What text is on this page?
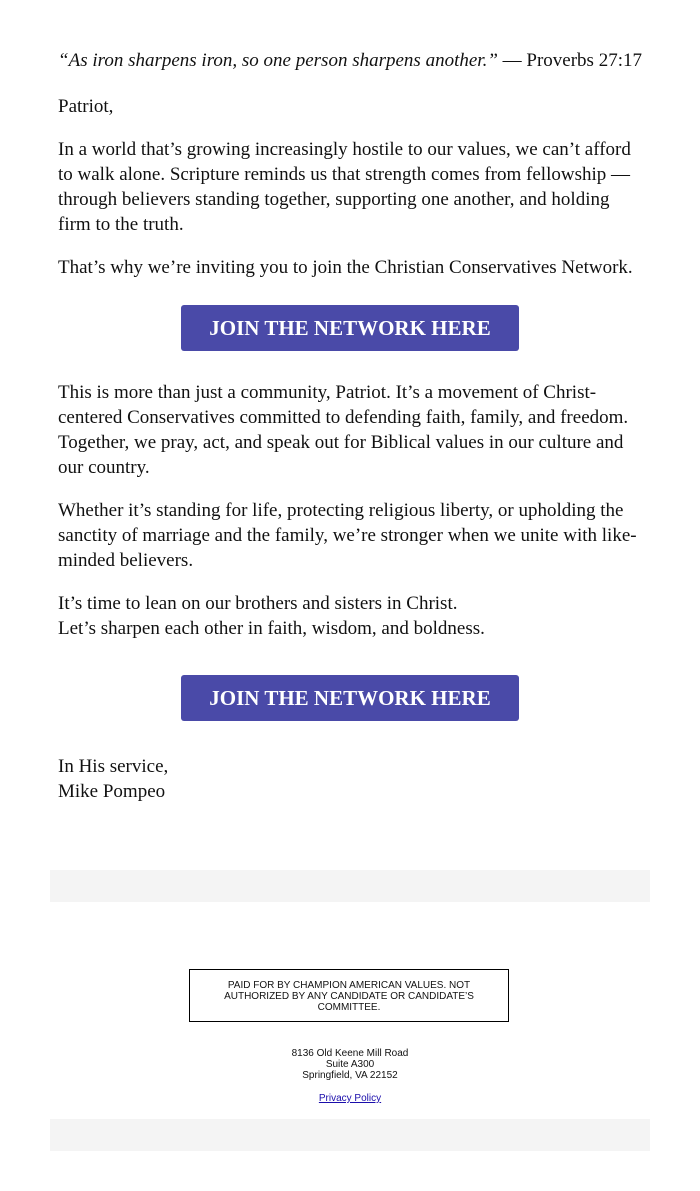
“As iron sharpens iron, so one person sharpens another.” — Proverbs 27:17

Patriot,

In a world that’s growing increasingly hostile to our values, we can’t afford to walk alone. Scripture reminds us that strength comes from fellowship — through believers standing together, supporting one another, and holding firm to the truth.

That’s why we’re inviting you to join the Christian Conservatives Network.

JOIN THE NETWORK HERE

This is more than just a community, Patriot. It’s a movement of Christ-centered Conservatives committed to defending faith, family, and freedom. Together, we pray, act, and speak out for Biblical values in our culture and our country.

Whether it’s standing for life, protecting religious liberty, or upholding the sanctity of marriage and the family, we’re stronger when we unite with like-minded believers.

It’s time to lean on our brothers and sisters in Christ.
Let’s sharpen each other in faith, wisdom, and boldness.

JOIN THE NETWORK HERE

In His service,
Mike Pompeo

PAID FOR BY CHAMPION AMERICAN VALUES. NOT AUTHORIZED BY ANY CANDIDATE OR CANDIDATE’S COMMITTEE.
8136 Old Keene Mill Road
Suite A300
Springfield, VA 22152
Privacy Policy
